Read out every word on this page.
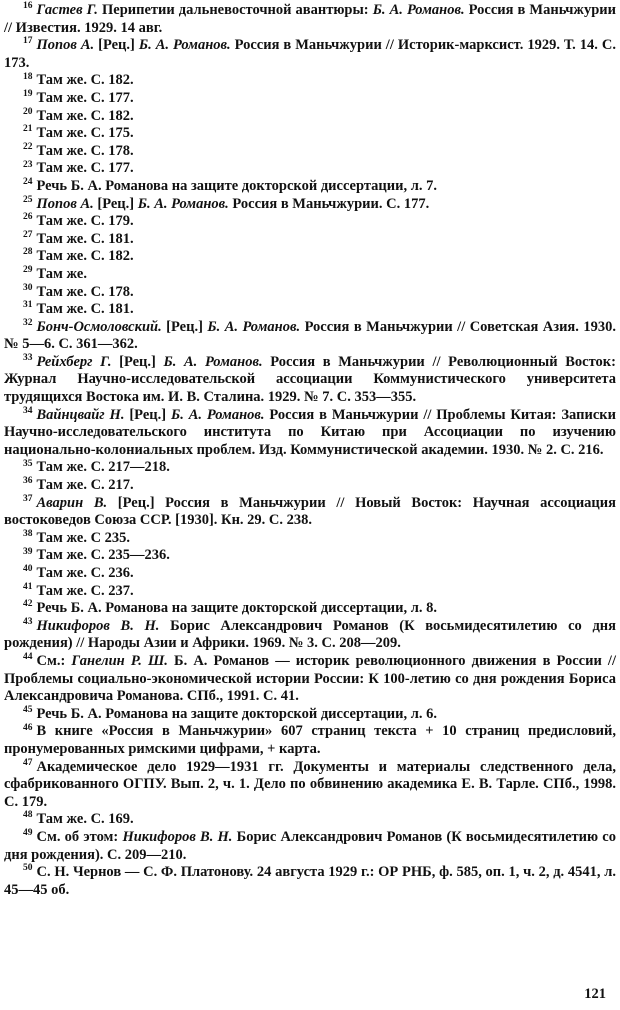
$^{16}$ Гастев Г. Перипетии дальневосточной авантюры: Б. А. Романов. Россия в Маньчжурии // Известия. 1929. 14 авг.
$^{17}$ Попов А. [Рец.] Б. А. Романов. Россия в Маньчжурии // Историк-марксист. 1929. Т. 14. С. 173.
$^{18}$ Там же. С. 182.
$^{19}$ Там же. С. 177.
$^{20}$ Там же. С. 182.
$^{21}$ Там же. С. 175.
$^{22}$ Там же. С. 178.
$^{23}$ Там же. С. 177.
$^{24}$ Речь Б. А. Романова на защите докторской диссертации, л. 7.
$^{25}$ Попов А. [Рец.] Б. А. Романов. Россия в Маньчжурии. С. 177.
$^{26}$ Там же. С. 179.
$^{27}$ Там же. С. 181.
$^{28}$ Там же. С. 182.
$^{29}$ Там же.
$^{30}$ Там же. С. 178.
$^{31}$ Там же. С. 181.
$^{32}$ Бонч-Осмоловский. [Рец.] Б. А. Романов. Россия в Маньчжурии // Советская Азия. 1930. № 5—6. С. 361—362.
$^{33}$ Рейхберг Г. [Рец.] Б. А. Романов. Россия в Маньчжурии // Революционный Восток: Журнал Научно-исследовательской ассоциации Коммунистического университета трудящихся Востока им. И. В. Сталина. 1929. № 7. С. 353—355.
$^{34}$ Вайнцвайг Н. [Рец.] Б. А. Романов. Россия в Маньчжурии // Проблемы Китая: Записки Научно-исследовательского института по Китаю при Ассоциации по изучению национально-колониальных проблем. Изд. Коммунистической академии. 1930. № 2. С. 216.
$^{35}$ Там же. С. 217—218.
$^{36}$ Там же. С. 217.
$^{37}$ Аварин В. [Рец.] Россия в Маньчжурии // Новый Восток: Научная ассоциация востоковедов Союза ССР. [1930]. Кн. 29. С. 238.
$^{38}$ Там же. С 235.
$^{39}$ Там же. С. 235—236.
$^{40}$ Там же. С. 236.
$^{41}$ Там же. С. 237.
$^{42}$ Речь Б. А. Романова на защите докторской диссертации, л. 8.
$^{43}$ Никифоров В. Н. Борис Александрович Романов (К восьмидесятилетию со дня рождения) // Народы Азии и Африки. 1969. № 3. С. 208—209.
$^{44}$ См.: Ганелин Р. Ш. Б. А. Романов — историк революционного движения в России // Проблемы социально-экономической истории России: К 100-летию со дня рождения Бориса Александровича Романова. СПб., 1991. С. 41.
$^{45}$ Речь Б. А. Романова на защите докторской диссертации, л. 6.
$^{46}$ В книге «Россия в Маньчжурии» 607 страниц текста + 10 страниц предисловий, пронумерованных римскими цифрами, + карта.
$^{47}$ Академическое дело 1929—1931 гг. Документы и материалы следственного дела, сфабрикованного ОГПУ. Вып. 2, ч. 1. Дело по обвинению академика Е. В. Тарле. СПб., 1998. С. 179.
$^{48}$ Там же. С. 169.
$^{49}$ См. об этом: Никифоров В. Н. Борис Александрович Романов (К восьмидесятилетию со дня рождения). С. 209—210.
$^{50}$ С. Н. Чернов — С. Ф. Платонову. 24 августа 1929 г.: ОР РНБ, ф. 585, оп. 1, ч. 2, д. 4541, л. 45—45 об.
121
